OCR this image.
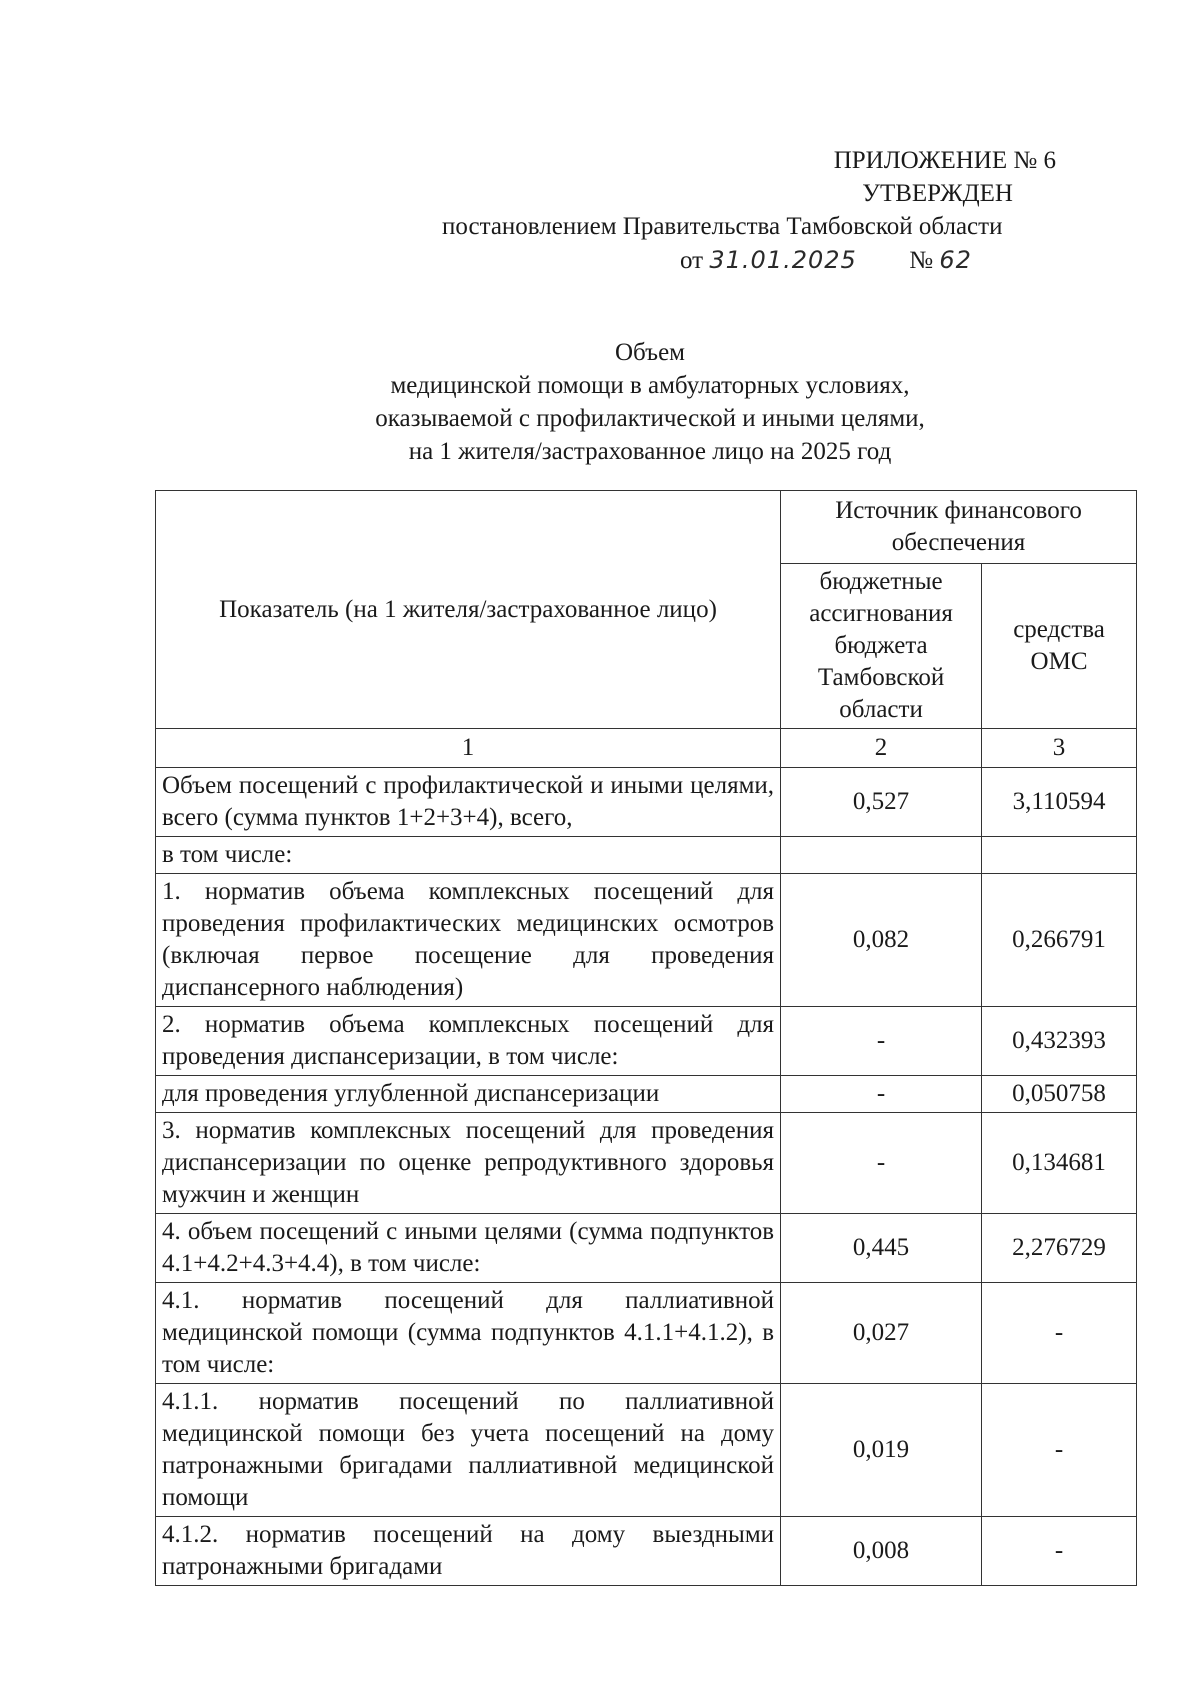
ПРИЛОЖЕНИЕ № 6
УТВЕРЖДЕН
постановлением Правительства Тамбовской области
от 31.01.2025 № 62
Объем
медицинской помощи в амбулаторных условиях,
оказываемой с профилактической и иными целями,
на 1 жителя/застрахованное лицо на 2025 год
Показатель (на 1 жителя/застрахованное лицо)	Источник финансового обеспечения	
	бюджетные ассигнования бюджета Тамбовской области	средства ОМС
1	2	3
Объем посещений с профилактической и иными целями, всего (сумма пунктов 1+2+3+4), всего,	0,527	3,110594
в том числе:		
1. норматив объема комплексных посещений для проведения профилактических медицинских осмотров (включая первое посещение для проведения диспансерного наблюдения)	0,082	0,266791
2. норматив объема комплексных посещений для проведения диспансеризации, в том числе:	-	0,432393
для проведения углубленной диспансеризации	-	0,050758
3. норматив комплексных посещений для проведения диспансеризации по оценке репродуктивного здоровья мужчин и женщин	-	0,134681
4. объем посещений с иными целями (сумма подпунктов 4.1+4.2+4.3+4.4), в том числе:	0,445	2,276729
4.1. норматив посещений для паллиативной медицинской помощи (сумма подпунктов 4.1.1+4.1.2), в том числе:	0,027	-
4.1.1. норматив посещений по паллиативной медицинской помощи без учета посещений на дому патронажными бригадами паллиативной медицинской помощи	0,019	-
4.1.2. норматив посещений на дому выездными патронажными бригадами	0,008	-
